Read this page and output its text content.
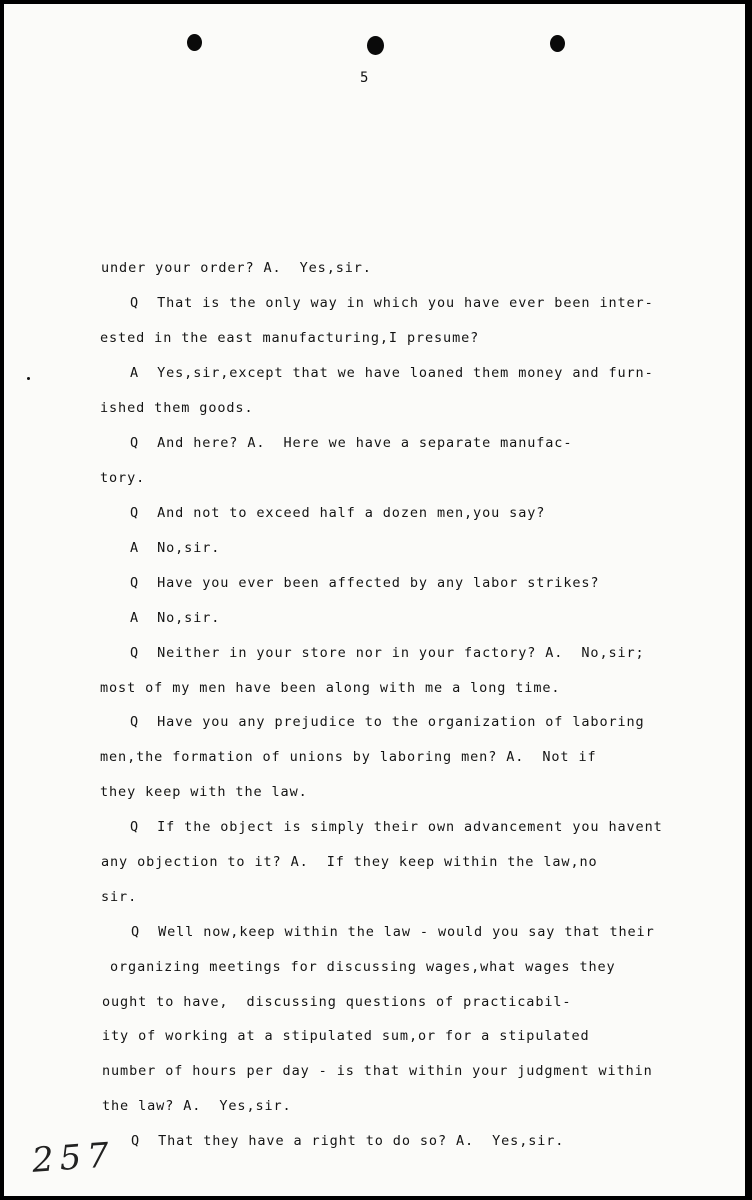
5
under your order? A.  Yes,sir.
Q  That is the only way in which you have ever been inter-
ested in the east manufacturing,I presume?
A  Yes,sir,except that we have loaned them money and furn-
ished them goods.
Q  And here? A.  Here we have a separate manufac-
tory.
Q  And not to exceed half a dozen men,you say?
A  No,sir.
Q  Have you ever been affected by any labor strikes?
A  No,sir.
Q  Neither in your store nor in your factory? A.  No,sir;
most of my men have been along with me a long time.
Q  Have you any prejudice to the organization of laboring
men,the formation of unions by laboring men? A.  Not if
they keep with the law.
Q  If the object is simply their own advancement you havent
any objection to it? A.  If they keep within the law,no
sir.
Q  Well now,keep within the law - would you say that their
organizing meetings for discussing wages,what wages they
ought to have,  discussing questions of practicabil-
ity of working at a stipulated sum,or for a stipulated
number of hours per day - is that within your judgment within
the law? A.  Yes,sir.
Q  That they have a right to do so? A.  Yes,sir.
257
